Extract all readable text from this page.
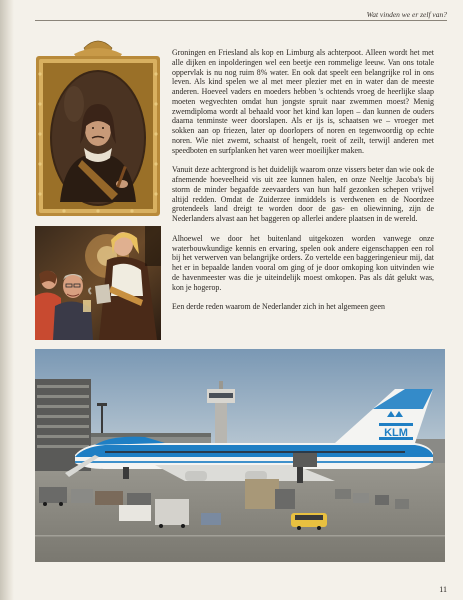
Wat vinden we er zelf van?

Groningen en Friesland als kop en Limburg als achterpoot. Alleen wordt het met alle dijken en inpolderingen wel een beetje een rommelige leeuw. Van ons totale oppervlak is nu nog ruim 8% water. En ook dat speelt een belangrijke rol in ons leven. Als kind spelen we al met meer plezier met en in water dan de meeste anderen. Hoeveel vaders en moeders hebben 's ochtends vroeg de heerlijke slaap moeten wegvechten omdat hun jongste spruit naar zwemmen moest? Menig zwemdiploma wordt al behaald voor het kind kan lopen – dan kunnen de ouders daarna tenminste weer doorslapen. Als er ijs is, schaatsen we – vroeger met sokken aan op friezen, later op doorlopers of noren en tegenwoordig op echte noren. Wie niet zwemt, schaatst of hengelt, roeit of zeilt, terwijl anderen met speedboten en surfplanken het varen weer moeilijker maken.

Vanuit deze achtergrond is het duidelijk waarom onze vissers beter dan wie ook de afnemende hoeveelheid vis uit zee kunnen halen, en onze Neeltje Jacoba's bij storm de minder begaafde zeevaarders van hun half gezonken schepen vrijwel altijd redden. Omdat de Zuiderzee inmiddels is verdwenen en de Noordzee grotendeels land dreigt te worden door de gas- en oliewinning, zijn de Nederlanders alvast aan het baggeren op allerlei andere plaatsen in de wereld.

Alhoewel we door het buitenland uitgekozen worden vanwege onze waterbouwkundige kennis en ervaring, spelen ook andere eigenschappen een rol bij het verwerven van belangrijke orders. Zo vertelde een baggeringenieur mij, dat het er in bepaalde landen vooral om ging of je door omkoping kon uitvinden wie de havenmeester was die je uiteindelijk moest omkopen. Pas als dát gelukt was, kon je hogerop.

Een derde reden waarom de Nederlander zich in het algemeen geen

KLM
11
